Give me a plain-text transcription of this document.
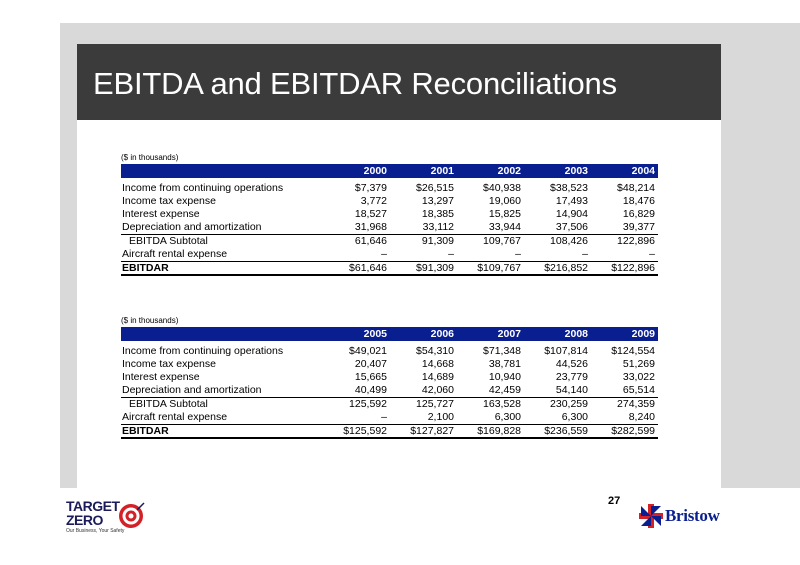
EBITDA and EBITDAR Reconciliations
($ in thousands)
	2000	2001	2002	2003	2004
Income from continuing operations	$7,379	$26,515	$40,938	$38,523	$48,214
Income tax expense	3,772	13,297	19,060	17,493	18,476
Interest expense	18,527	18,385	15,825	14,904	16,829
Depreciation and amortization	31,968	33,112	33,944	37,506	39,377
EBITDA Subtotal	61,646	91,309	109,767	108,426	122,896
Aircraft rental expense	–	–	–	–	–
EBITDAR	$61,646	$91,309	$109,767	$216,852	$122,896
($ in thousands)
	2005	2006	2007	2008	2009
Income from continuing operations	$49,021	$54,310	$71,348	$107,814	$124,554
Income tax expense	20,407	14,668	38,781	44,526	51,269
Interest expense	15,665	14,689	10,940	23,779	33,022
Depreciation and amortization	40,499	42,060	42,459	54,140	65,514
EBITDA Subtotal	125,592	125,727	163,528	230,259	274,359
Aircraft rental expense	–	2,100	6,300	6,300	8,240
EBITDAR	$125,592	$127,827	$169,828	$236,559	$282,599
27
TARGET
ZERO
Our Business, Your Safety
Bristow
